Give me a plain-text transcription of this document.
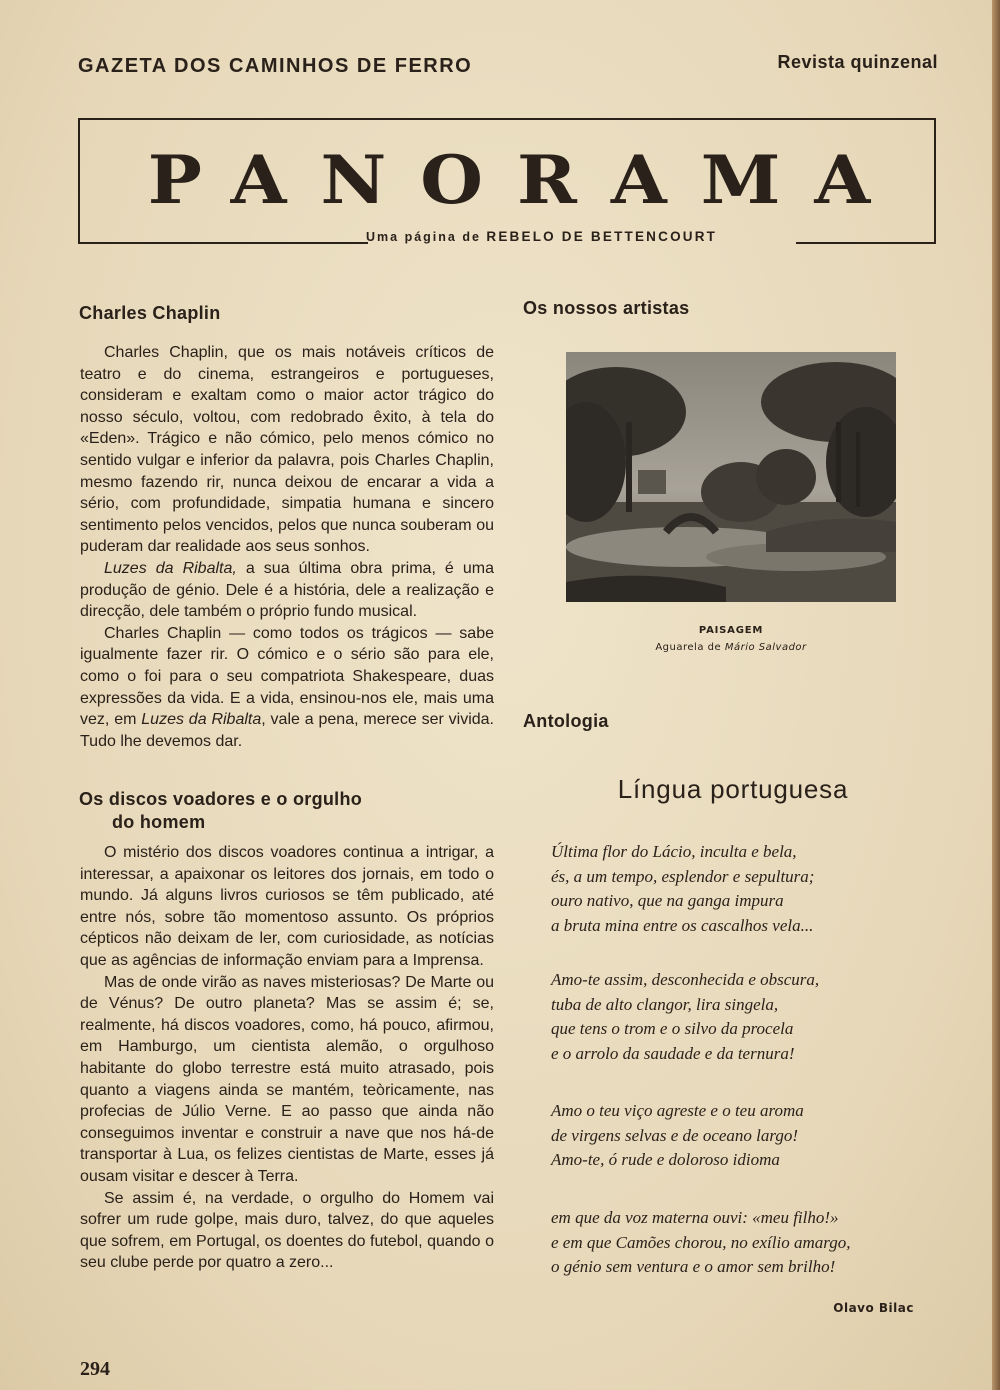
GAZETA DOS CAMINHOS DE FERRO	Revista quinzenal
PANORAMA
Uma página de REBELO DE BETTENCOURT
Charles Chaplin

Charles Chaplin, que os mais notáveis críticos de teatro e do cinema, estrangeiros e portugueses, consideram e exaltam como o maior actor trágico do nosso século, voltou, com redobrado êxito, à tela do «Eden». Trágico e não cómico, pelo menos cómico no sentido vulgar e inferior da palavra, pois Charles Chaplin, mesmo fazendo rir, nunca deixou de encarar a vida a sério, com profundidade, simpatia humana e sincero sentimento pelos vencidos, pelos que nunca souberam ou puderam dar realidade aos seus sonhos.

Luzes da Ribalta, a sua última obra prima, é uma produção de génio. Dele é a história, dele a realização e direcção, dele também o próprio fundo musical.

Charles Chaplin — como todos os trágicos — sabe igualmente fazer rir. O cómico e o sério são para ele, como o foi para o seu compatriota Shakespeare, duas expressões da vida. E a vida, ensinou-nos ele, mais uma vez, em Luzes da Ribalta, vale a pena, merece ser vivida. Tudo lhe devemos dar.

Os discos voadores e o orgulho
do homem

O mistério dos discos voadores continua a intrigar, a interessar, a apaixonar os leitores dos jornais, em todo o mundo. Já alguns livros curiosos se têm publicado, até entre nós, sobre tão momentoso assunto. Os próprios cépticos não deixam de ler, com curiosidade, as notícias que as agências de informação enviam para a Imprensa.

Mas de onde virão as naves misteriosas? De Marte ou de Vénus? De outro planeta? Mas se assim é; se, realmente, há discos voadores, como, há pouco, afirmou, em Hamburgo, um cientista alemão, o orgulhoso habitante do globo terrestre está muito atrasado, pois quanto a viagens ainda se mantém, teòricamente, nas profecias de Júlio Verne. E ao passo que ainda não conseguimos inventar e construir a nave que nos há-de transportar à Lua, os felizes cientistas de Marte, esses já ousam visitar e descer à Terra.

Se assim é, na verdade, o orgulho do Homem vai sofrer um rude golpe, mais duro, talvez, do que aqueles que sofrem, em Portugal, os doentes do futebol, quando o seu clube perde por quatro a zero...

Os nossos artistas
PAISAGEM
Aguarela de Mário Salvador
Antologia
Língua portuguesa
Última flor do Lácio, inculta e bela,
és, a um tempo, esplendor e sepultura;
ouro nativo, que na ganga impura
a bruta mina entre os cascalhos vela...
Amo-te assim, desconhecida e obscura,
tuba de alto clangor, lira singela,
que tens o trom e o silvo da procela
e o arrolo da saudade e da ternura!
Amo o teu viço agreste e o teu aroma
de virgens selvas e de oceano largo!
Amo-te, ó rude e doloroso idioma
em que da voz materna ouvi: «meu filho!»
e em que Camões chorou, no exílio amargo,
o génio sem ventura e o amor sem brilho!
Olavo Bilac
294
